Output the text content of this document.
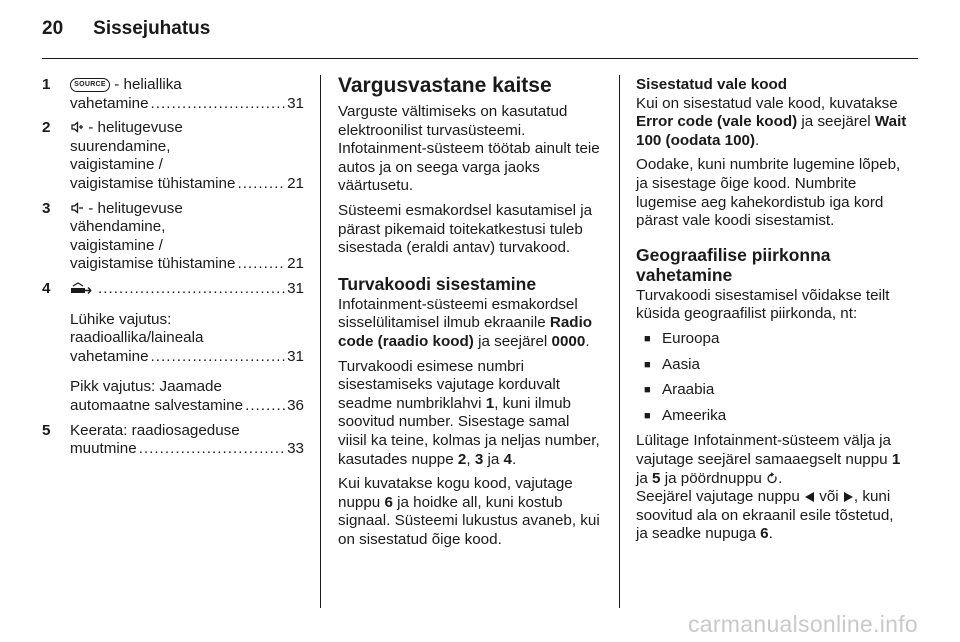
20 Sissejuhatus
1	SOURCE - heliallika
vahetamine . . .	31
2	- helitugevuse
suurendamine,
vaigistamine /
vaigistamise tühistamine . . .	21
3	- helitugevuse
vähendamine,
vaigistamine /
vaigistamise tühistamine . . .	21
4 . . .	31
Lühike vajutus:
raadioallika/laineala
vahetamine . . .	31
Pikk vajutus: Jaamade
automaatne salvestamine . . .	36
5 Keerata: raadiosageduse
muutmine . . .	33
Vargusvastane kaitse

Varguste vältimiseks on kasutatud elektroonilist turvasüsteemi. Infotainment-süsteem töötab ainult teie autos ja on seega varga jaoks väärtusetu.

Süsteemi esmakordsel kasutamisel ja pärast pikemaid toitekatkestusi tuleb sisestada (eraldi antav) turvakood.

Turvakoodi sisestamine

Infotainment-süsteemi esmakordsel sisselülitamisel ilmub ekraanile Radio code (raadio kood) ja seejärel 0000.

Turvakoodi esimese numbri sisestamiseks vajutage korduvalt seadme numbriklahvi 1, kuni ilmub soovitud number. Sisestage samal viisil ka teine, kolmas ja neljas number, kasutades nuppe 2, 3 ja 4.

Kui kuvatakse kogu kood, vajutage nuppu 6 ja hoidke all, kuni kostub signaal. Süsteemi lukustus avaneb, kui on sisestatud õige kood.

Sisestatud vale kood

Kui on sisestatud vale kood, kuvatakse Error code (vale kood) ja seejärel Wait 100 (oodata 100).

Oodake, kuni numbrite lugemine lõpeb, ja sisestage õige kood. Numbrite lugemise aeg kahekordistub iga kord pärast vale koodi sisestamist.

Geograafilise piirkonna vahetamine

Turvakoodi sisestamisel võidakse teilt küsida geograafilist piirkonda, nt:

■ Euroopa
■ Aasia
■ Araabia
■ Ameerika

Lülitage Infotainment-süsteem välja ja vajutage seejärel samaaegselt nuppu 1 ja 5 ja pöördnuppu .

Seejärel vajutage nuppu  või , kuni soovitud ala on ekraanil esile tõstetud, ja seadke nupuga 6.

carmanualsonline.info
